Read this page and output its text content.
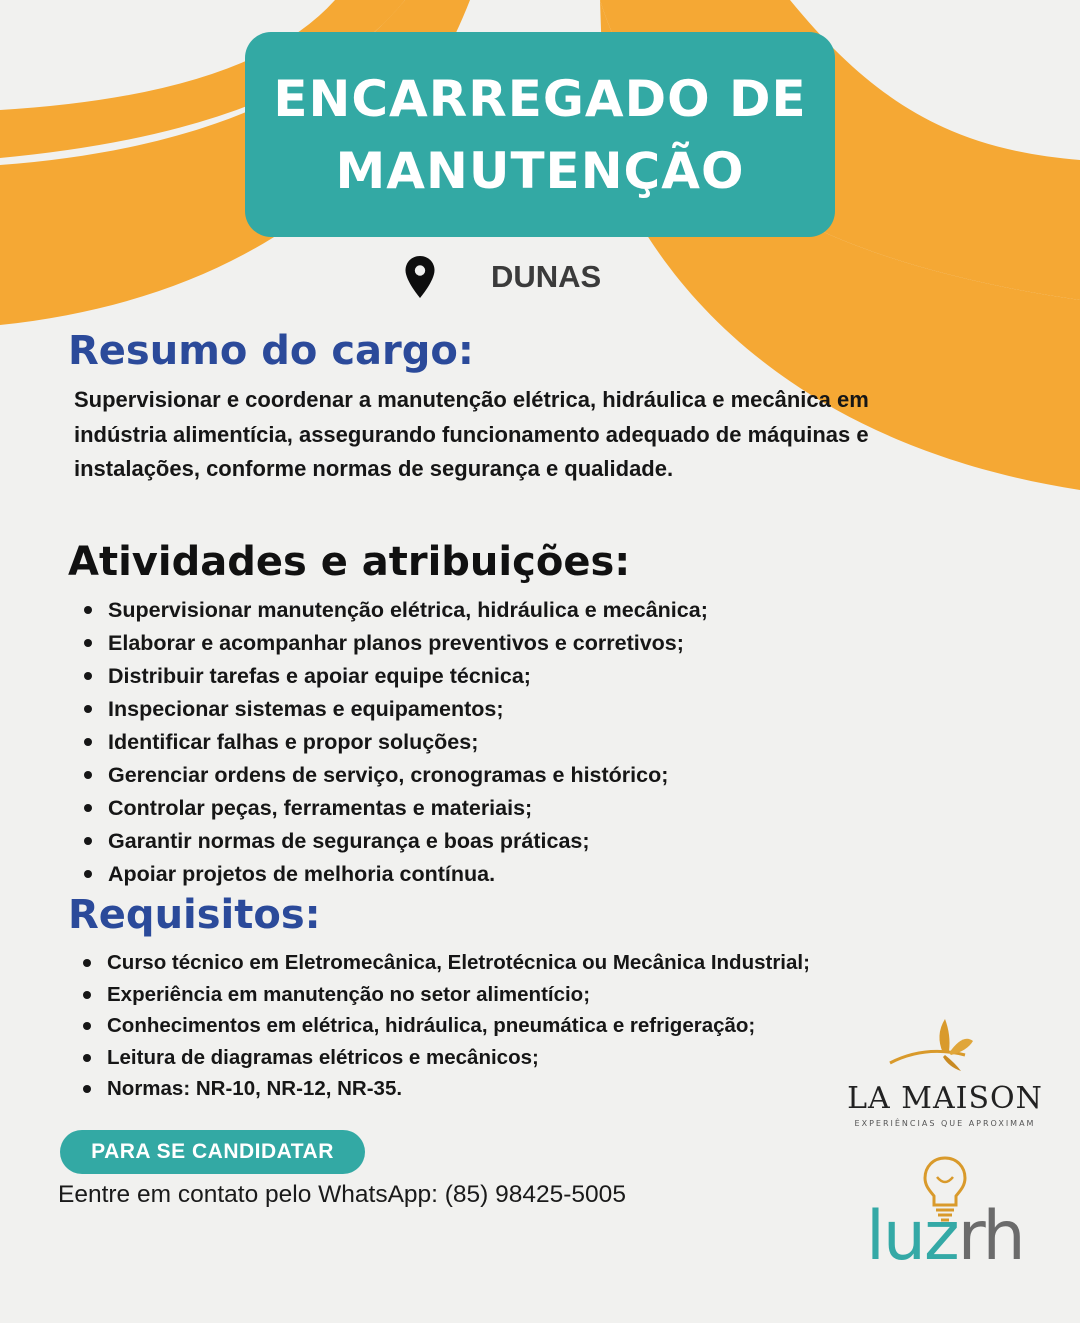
ENCARREGADO DE
MANUTENÇÃO
DUNAS
Resumo do cargo:

Supervisionar e coordenar a manutenção elétrica, hidráulica e mecânica em indústria alimentícia, assegurando funcionamento adequado de máquinas e instalações, conforme normas de segurança e qualidade.

Atividades e atribuições:
Supervisionar manutenção elétrica, hidráulica e mecânica;
Elaborar e acompanhar planos preventivos e corretivos;
Distribuir tarefas e apoiar equipe técnica;
Inspecionar sistemas e equipamentos;
Identificar falhas e propor soluções;
Gerenciar ordens de serviço, cronogramas e histórico;
Controlar peças, ferramentas e materiais;
Garantir normas de segurança e boas práticas;
Apoiar projetos de melhoria contínua.
Requisitos:
Curso técnico em Eletromecânica, Eletrotécnica ou Mecânica Industrial;
Experiência em manutenção no setor alimentício;
Conhecimentos em elétrica, hidráulica, pneumática e refrigeração;
Leitura de diagramas elétricos e mecânicos;
Normas: NR-10, NR-12, NR-35.
PARA SE CANDIDATAR
Eentre em contato pelo WhatsApp: (85) 98425-5005
LA MAISON
EXPERIÊNCIAS QUE APROXIMAM
luzrh
